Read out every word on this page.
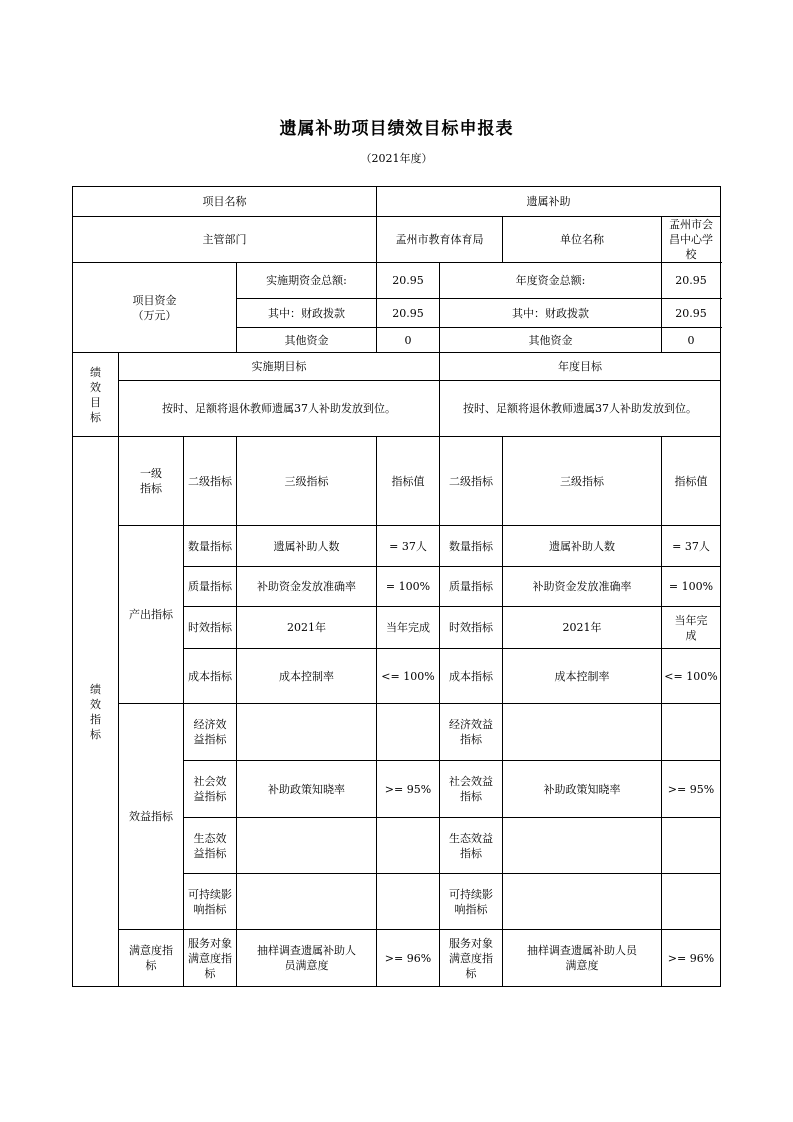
遗属补助项目绩效目标申报表
（2021年度）
项目名称				遗属补助			
主管部门				孟州市教育体育局		单位名称	孟州市会昌中心学校

项目资金
（万元）			实施期资金总额:	20.95	年度资金总额:		20.95
			其中：财政拨款	20.95	其中：财政拨款		20.95
			其他资金	0	其他资金		0

绩
效
目
标	实施期目标				年度目标		
	按时、足额将退休教师遗属37人补助发放到位。				按时、足额将退休教师遗属37人补助发放到位。		

绩
效
指
标	一级指标	二级指标	三级指标	指标值	二级指标	三级指标	指标值
	产出指标	数量指标	遗属补助人数	= 37人	数量指标	遗属补助人数	= 37人
		质量指标	补助资金发放准确率	= 100%	质量指标	补助资金发放准确率	= 100%
		时效指标	2021年	当年完成	时效指标	2021年	当年完成

		成本指标	成本控制率	<= 100%	成本指标	成本控制率	<= 100%
	效益指标	经济效益指标			经济效益指标		

		社会效益指标	补助政策知晓率	>= 95%	社会效益指标	补助政策知晓率	>= 95%

		生态效益指标			生态效益指标		

		可持续影响指标			可持续影响指标		

	满意度指标	服务对象满意度指标	抽样调查遗属补助人员满意度	>= 96%	服务对象满意度指标	抽样调查遗属补助人员满意度	>= 96%
